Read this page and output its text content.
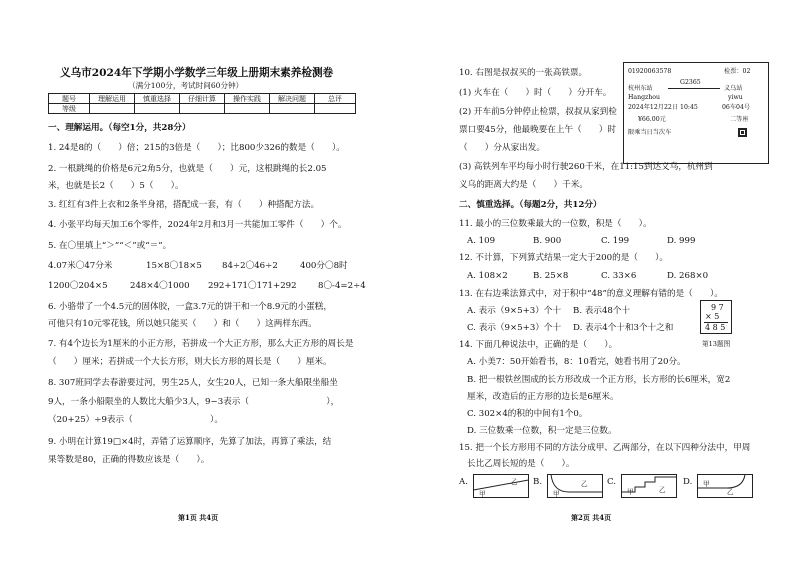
义乌市2024年下学期小学数学三年级上册期末素养检测卷
（满分100分，考试时间60分钟）
题号	理解运用	慎重选择	仔细计算	操作实践	解决问题	总评
等级						
一、理解运用。（每空1分，共28分）
1. 24是8的（　　）倍；215的3倍是（　　）；比800少326的数是（　　）。
2. 一根跳绳的价格是6元2角5分，也就是（　　）元，这根跳绳的长2.05
米，也就是长2（　　）5（　　）。
3. 红红有3件上衣和2条半身裙，搭配成一套，有（　　）种搭配方法。
4. 小张平均每天加工6个零件，2024年2月和3月一共能加工零件（　　）个。
5. 在〇里填上“＞”“＜”或“＝”。
4.07米〇47分米	15×8〇18×5 84÷2〇46÷2	400分〇8时
1200〇204×5	248×4〇1000 292+171〇171+292 8〇-4=2÷4
6. 小骆带了一个4.5元的固体胶，一盒3.7元的饼干和一个8.9元的小蛋糕，
可他只有10元零花钱，所以她只能买（　　）和（　　）这两样东西。
7. 有4个边长为1厘米的小正方形，若拼成一个大正方形，那么大正方形的周长是
（　　）厘米；若拼成一个大长方形，则大长方形的周长是（　　）厘米。
8. 307班同学去春游要过河，男生25人，女生20人，已知一条大船限坐船坐
9人，一条小船限坐的人数比大船少3人，9−3表示（　　　　　　　　　），
（20+25）÷9表示（　　　　　　　　　）。
9. 小明在计算19□×4时，弄错了运算顺序，先算了加法，再算了乘法，结
果等数是80，正确的得数应该是（　　）。
第1页 共4页
10. 右图是叔叔买的一张高铁票。
(1) 火车在（　　）时（　　）分开车。
(2) 开车前5分钟停止检票，叔叔从家到检
票口要45分，他最晚要在上午（　　）时
（　　）分从家出发。
(3) 高铁列车平均每小时行驶260千米，在11:15到达义乌，杭州到
义乌的距离大约是（　　）千米。
01920063578	检票：02
杭州东站
G2365
义乌站
Hangzhou	yiwu
2024年12月22日 10:45	06车04号
¥66.00元	二等座
限乘当日当次车
二、慎重选择。（每题2分，共12分）
11. 最小的三位数乘最大的一位数，积是（　　）。
A. 109	B. 900	C. 199	D. 999
12. 不计算，下列算式结果一定大于200的是（　　）。
A. 108×2	B. 25×8	C. 33×6	D. 268×0
13. 在右边乘法算式中，对于积中“48”的意义理解有错的是（　　）。
A. 表示（9×5+3）个十 B. 表示48个十
C. 表示（9×5+3）个十 D. 表示4个十和3个十之和
9 7
× 5
4 8 5
第13题图
14. 下面几种说法中，正确的是（　　）。
A. 小美7：50开始看书，8：10看完，她看书用了20分。
B. 把一根铁丝围成的长方形改成一个正方形，长方形的长6厘米，宽2
厘米，改造后的正方形的边长是6厘米。
C. 302×4的积的中间有1个0。
D. 三位数乘一位数，积一定是三位数。
15. 把一个长方形用不同的方法分成甲、乙两部分，在以下四种分法中，甲周
长比乙周长短的是（　　）。
A.
甲
乙 B.
甲
乙 C.
甲	乙
D. 甲
乙
第2页 共4页
